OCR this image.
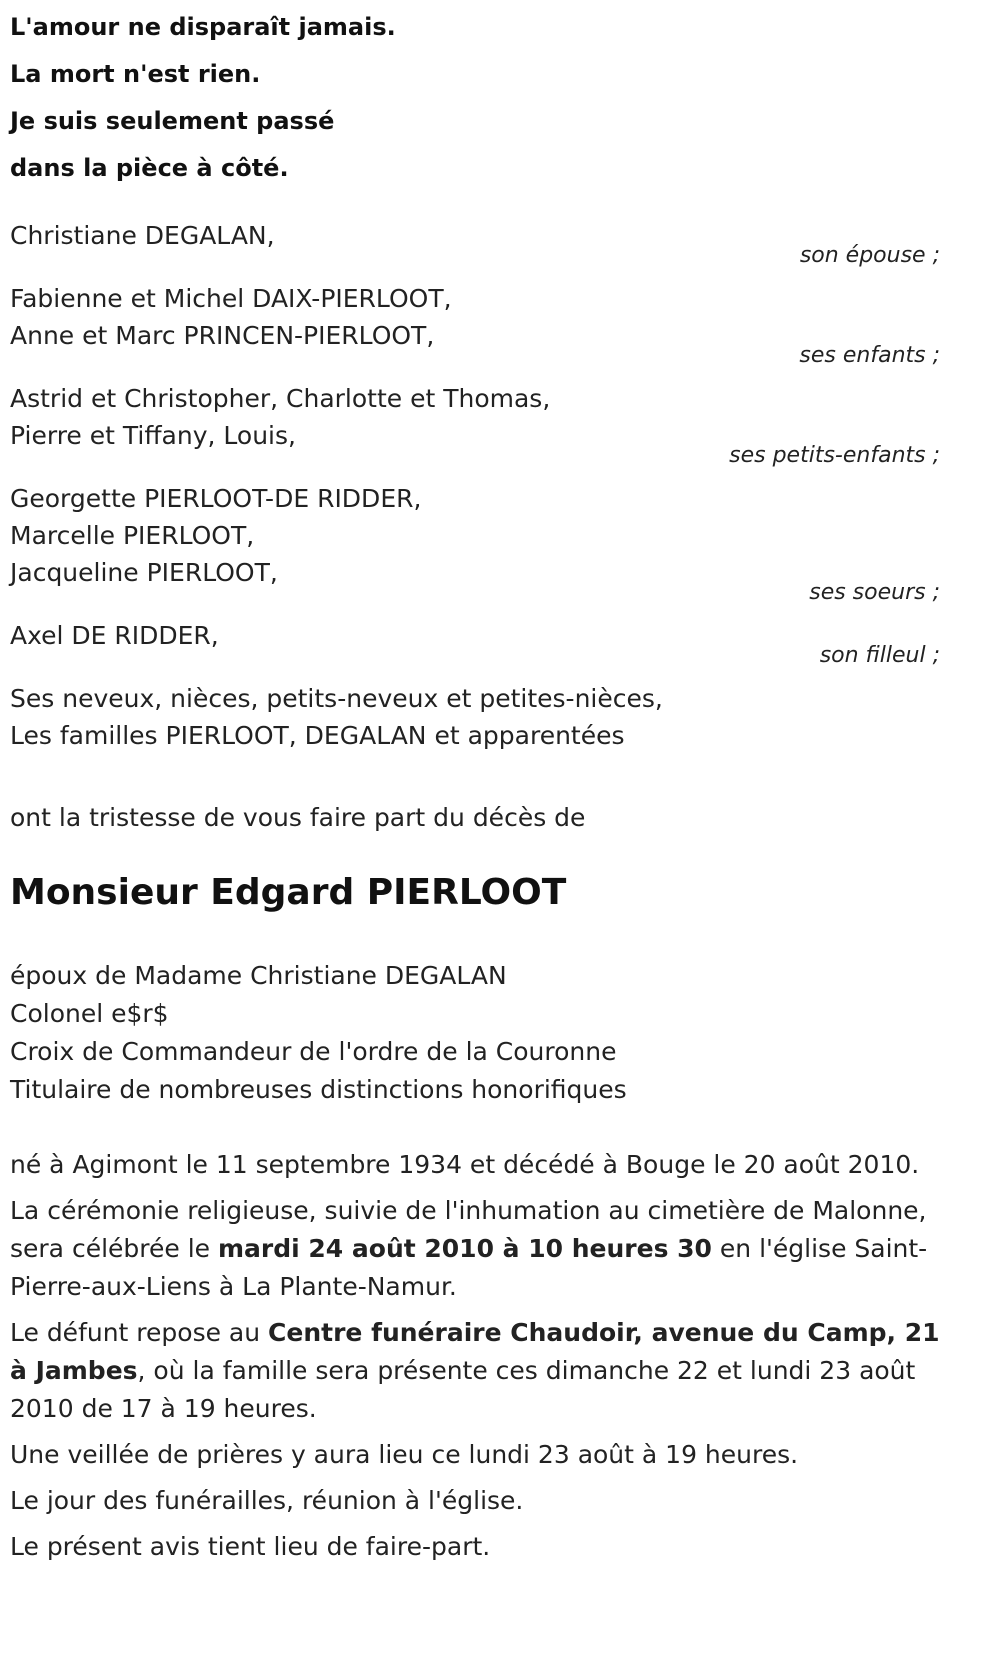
L'amour ne disparaît jamais.
La mort n'est rien.
Je suis seulement passé
dans la pièce à côté.
Christiane DEGALAN,
son épouse ;
Fabienne et Michel DAIX-PIERLOOT,
Anne et Marc PRINCEN-PIERLOOT,
ses enfants ;
Astrid et Christopher, Charlotte et Thomas,
Pierre et Tiffany, Louis,
ses petits-enfants ;
Georgette PIERLOOT-DE RIDDER,
Marcelle PIERLOOT,
Jacqueline PIERLOOT,
ses soeurs ;
Axel DE RIDDER,
son filleul ;
Ses neveux, nièces, petits-neveux et petites-nièces,
Les familles PIERLOOT, DEGALAN et apparentées
ont la tristesse de vous faire part du décès de
Monsieur Edgard PIERLOOT
époux de Madame Christiane DEGALAN
Colonel e$r$
Croix de Commandeur de l'ordre de la Couronne
Titulaire de nombreuses distinctions honorifiques

né à Agimont le 11 septembre 1934 et décédé à Bouge le 20 août 2010.

La cérémonie religieuse, suivie de l'inhumation au cimetière de Malonne, sera célébrée le mardi 24 août 2010 à 10 heures 30 en l'église Saint-Pierre-aux-Liens à La Plante-Namur.

Le défunt repose au Centre funéraire Chaudoir, avenue du Camp, 21 à Jambes, où la famille sera présente ces dimanche 22 et lundi 23 août 2010 de 17 à 19 heures.

Une veillée de prières y aura lieu ce lundi 23 août à 19 heures.

Le jour des funérailles, réunion à l'église.

Le présent avis tient lieu de faire-part.
